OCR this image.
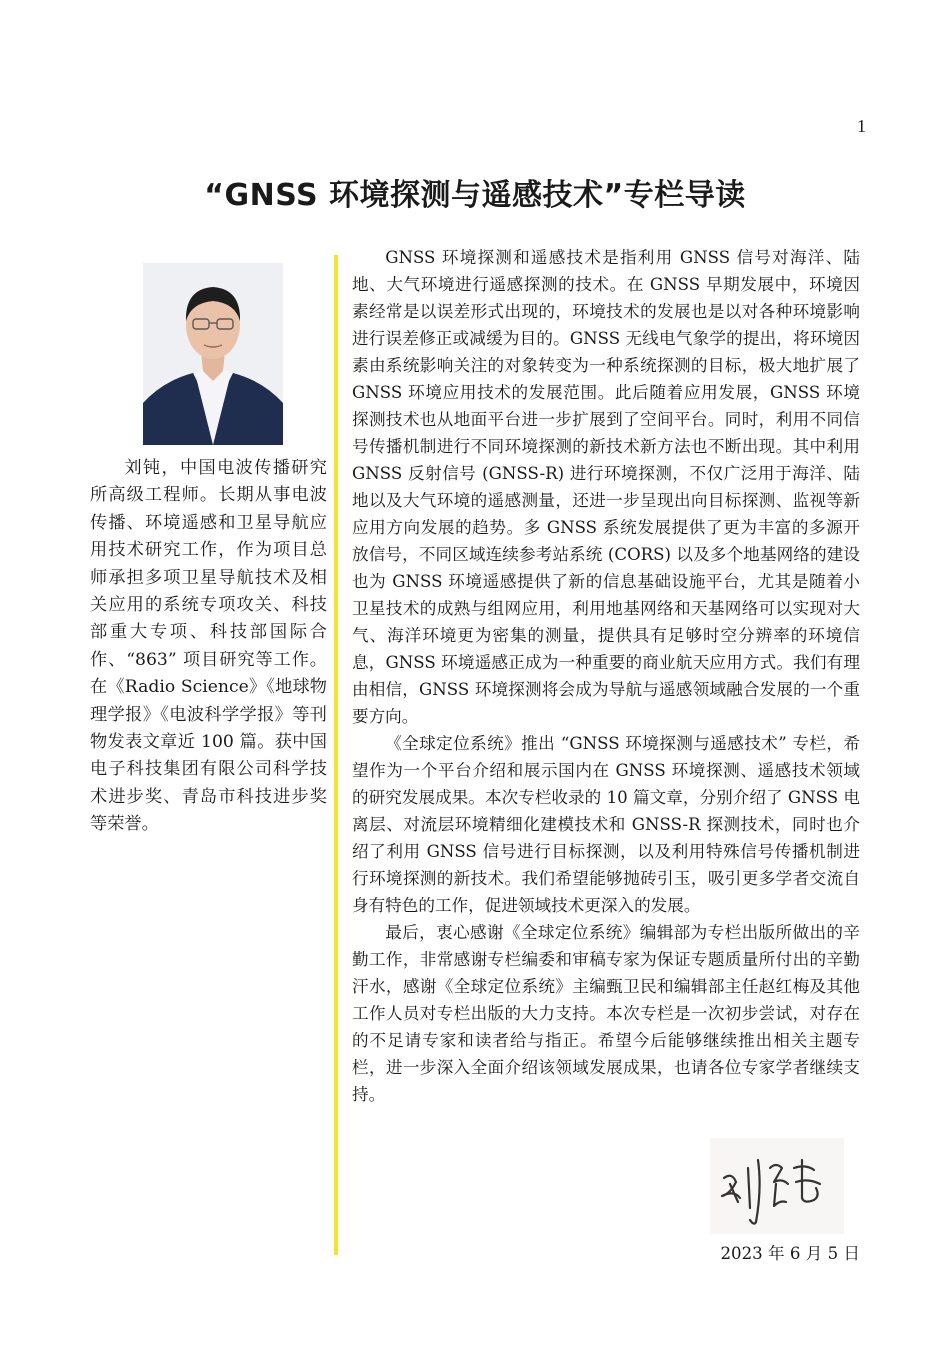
1
“GNSS 环境探测与遥感技术”专栏导读

刘钝，中国电波传播研究所高级工程师。长期从事电波传播、环境遥感和卫星导航应用技术研究工作，作为项目总师承担多项卫星导航技术及相关应用的系统专项攻关、科技部重大专项、科技部国际合作、“863” 项目研究等工作。在《Radio Science》《地球物理学报》《电波科学学报》等刊物发表文章近 100 篇。获中国电子科技集团有限公司科学技术进步奖、青岛市科技进步奖等荣誉。

GNSS 环境探测和遥感技术是指利用 GNSS 信号对海洋、陆地、大气环境进行遥感探测的技术。在 GNSS 早期发展中，环境因素经常是以误差形式出现的，环境技术的发展也是以对各种环境影响进行误差修正或减缓为目的。GNSS 无线电气象学的提出，将环境因素由系统影响关注的对象转变为一种系统探测的目标，极大地扩展了 GNSS 环境应用技术的发展范围。此后随着应用发展，GNSS 环境探测技术也从地面平台进一步扩展到了空间平台。同时，利用不同信号传播机制进行不同环境探测的新技术新方法也不断出现。其中利用 GNSS 反射信号 (GNSS-R) 进行环境探测，不仅广泛用于海洋、陆地以及大气环境的遥感测量，还进一步呈现出向目标探测、监视等新应用方向发展的趋势。多 GNSS 系统发展提供了更为丰富的多源开放信号，不同区域连续参考站系统 (CORS) 以及多个地基网络的建设也为 GNSS 环境遥感提供了新的信息基础设施平台，尤其是随着小卫星技术的成熟与组网应用，利用地基网络和天基网络可以实现对大气、海洋环境更为密集的测量，提供具有足够时空分辨率的环境信息，GNSS 环境遥感正成为一种重要的商业航天应用方式。我们有理由相信，GNSS 环境探测将会成为导航与遥感领域融合发展的一个重要方向。

《全球定位系统》推出 “GNSS 环境探测与遥感技术” 专栏，希望作为一个平台介绍和展示国内在 GNSS 环境探测、遥感技术领域的研究发展成果。本次专栏收录的 10 篇文章，分别介绍了 GNSS 电离层、对流层环境精细化建模技术和 GNSS-R 探测技术，同时也介绍了利用 GNSS 信号进行目标探测，以及利用特殊信号传播机制进行环境探测的新技术。我们希望能够抛砖引玉，吸引更多学者交流自身有特色的工作，促进领域技术更深入的发展。

最后，衷心感谢《全球定位系统》编辑部为专栏出版所做出的辛勤工作，非常感谢专栏编委和审稿专家为保证专题质量所付出的辛勤汗水，感谢《全球定位系统》主编甄卫民和编辑部主任赵红梅及其他工作人员对专栏出版的大力支持。本次专栏是一次初步尝试，对存在的不足请专家和读者给与指正。希望今后能够继续推出相关主题专栏，进一步深入全面介绍该领域发展成果，也请各位专家学者继续支持。

2023 年 6 月 5 日
